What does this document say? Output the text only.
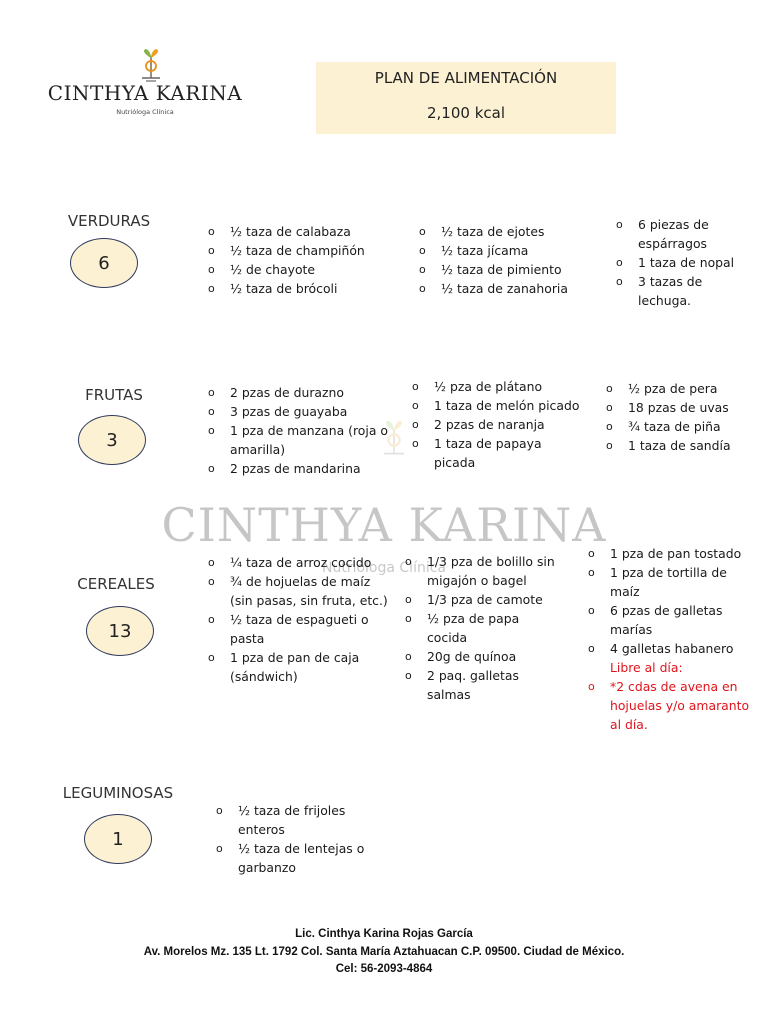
CINTHYA KARINA
Nutrióloga Clínica
PLAN DE ALIMENTACIÓN
2,100 kcal
CINTHYA KARINA
Nutrióloga Clínica
VERDURAS
6
o ½ taza de calabaza
o ½ taza de champiñón
o ½ de chayote
o ½ taza de brócoli
o ½ taza de ejotes
o ½ taza jícama
o ½ taza de pimiento
o ½ taza de zanahoria
o 6 piezas de espárragos
o 1 taza de nopal
o 3 tazas de lechuga.
FRUTAS
3
o 2 pzas de durazno
o 3 pzas de guayaba
o 1 pza de manzana (roja o amarilla)
o 2 pzas de mandarina
o ½ pza de plátano
o 1 taza de melón picado
o 2 pzas de naranja
o 1 taza de papaya picada
o ½ pza de pera
o 18 pzas de uvas
o ¾ taza de piña
o 1 taza de sandía
CEREALES
13
o ¼ taza de arroz cocido
o ¾ de hojuelas de maíz (sin pasas, sin fruta, etc.)
o ½ taza de espagueti o pasta
o 1 pza de pan de caja (sándwich)
o 1/3 pza de bolillo sin migajón o bagel
o 1/3 pza de camote
o ½ pza de papa cocida
o 20g de quínoa
o 2 paq. galletas salmas
o 1 pza de pan tostado
o 1 pza de tortilla de maíz
o 6 pzas de galletas marías
o 4 galletas habanero
Libre al día:
o *2 cdas de avena en hojuelas y/o amaranto al día.
LEGUMINOSAS
1
o ½ taza de frijoles enteros
o ½ taza de lentejas o garbanzo
Lic. Cinthya Karina Rojas García
Av. Morelos Mz. 135 Lt. 1792 Col. Santa María Aztahuacan C.P. 09500. Ciudad de México.
Cel: 56-2093-4864
